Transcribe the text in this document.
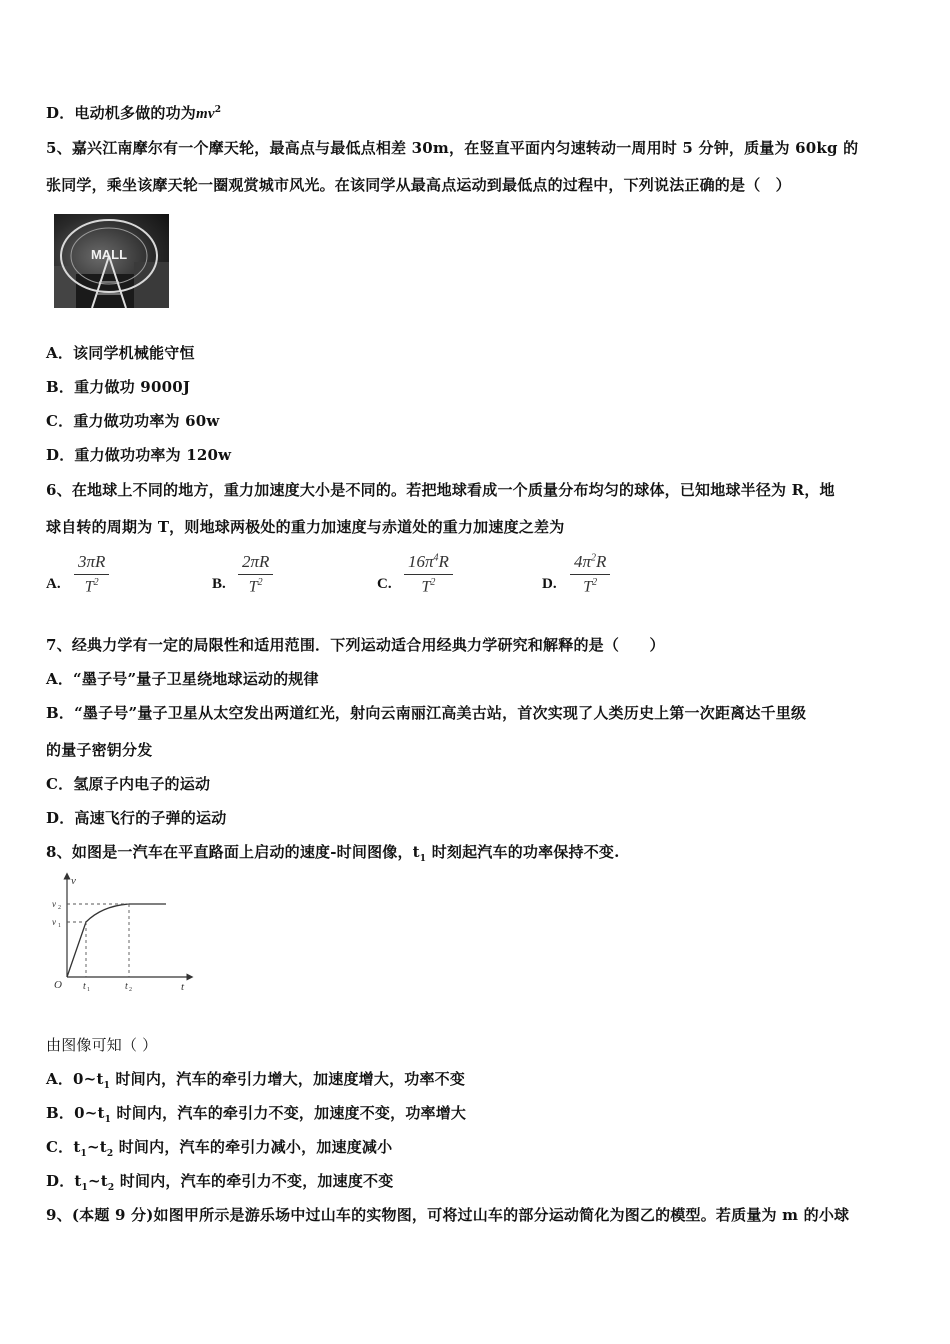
D．电动机多做的功为$mv^2$
5、嘉兴江南摩尔有一个摩天轮，最高点与最低点相差 30m，在竖直平面内匀速转动一周用时 5 分钟，质量为 60kg 的
张同学，乘坐该摩天轮一圈观赏城市风光。在该同学从最高点运动到最低点的过程中，下列说法正确的是（　）
MALL
A．该同学机械能守恒
B．重力做功 9000J
C．重力做功功率为 60w
D．重力做功功率为 120w
6、在地球上不同的地方，重力加速度大小是不同的。若把地球看成一个质量分布均匀的球体，已知地球半径为 R，地
球自转的周期为 T，则地球两极处的重力加速度与赤道处的重力加速度之差为
A. $\frac{3\pi R}{T^2}$	B. $\frac{2\pi R}{T^2}$	C. $\frac{16\pi^4R}{T^2}$	D. $\frac{4\pi^2R}{T^2}$
7、经典力学有一定的局限性和适用范围．下列运动适合用经典力学研究和解释的是（　　）
A．“墨子号”量子卫星绕地球运动的规律
B．“墨子号”量子卫星从太空发出两道红光，射向云南丽江高美古站，首次实现了人类历史上第一次距离达千里级
的量子密钥分发
C．氢原子内电子的运动
D．高速飞行的子弹的运动
8、如图是一汽车在平直路面上启动的速度-时间图像，$t_1$ 时刻起汽车的功率保持不变.
v
t
O
v 2
v 1
t 1	t 2
由图像可知（ ）
A．$0\sim t_1$ 时间内，汽车的牵引力增大，加速度增大，功率不变
B．$0\sim t_1$ 时间内，汽车的牵引力不变，加速度不变，功率增大
C．$t_1\sim t_2$ 时间内，汽车的牵引力减小，加速度减小
D．$t_1\sim t_2$ 时间内，汽车的牵引力不变，加速度不变
9、(本题 9 分)如图甲所示是游乐场中过山车的实物图，可将过山车的部分运动简化为图乙的模型。若质量为 m 的小球
